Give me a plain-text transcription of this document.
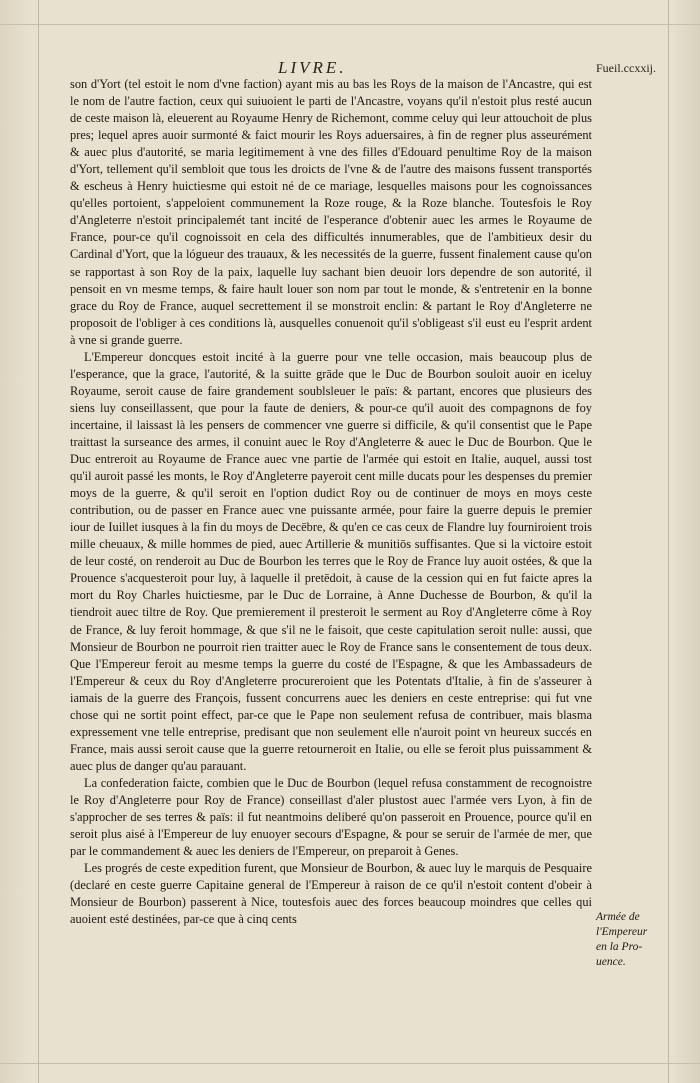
LIVRE.	Fueil.ccxxij.

son d'Yort (tel estoit le nom d'vne faction) ayant mis au bas les Roys de la maison de l'Ancastre, qui est le nom de l'autre faction, ceux qui suiuoient le parti de l'Ancastre, voyans qu'il n'estoit plus resté aucun de ceste maison là, eleuerent au Royaume Henry de Richemont, comme celuy qui leur attouchoit de plus pres; lequel apres auoir surmonté & faict mourir les Roys aduersaires, à fin de regner plus asseurément & auec plus d'autorité, se maria legitimement à vne des filles d'Edouard penultime Roy de la maison d'Yort, tellement qu'il sembloit que tous les droicts de l'vne & de l'autre des maisons fussent transportés & escheus à Henry huictiesme qui estoit né de ce mariage, lesquelles maisons pour les cognoissances qu'elles portoient, s'appeloient communement la Roze rouge, & la Roze blanche. Toutesfois le Roy d'Angleterre n'estoit principalemét tant incité de l'esperance d'obtenir auec les armes le Royaume de France, pour-ce qu'il cognoissoit en cela des difficultés innumerables, que de l'ambitieux desir du Cardinal d'Yort, que la lógueur des trauaux, & les necessités de la guerre, fussent finalement cause qu'on se rapportast à son Roy de la paix, laquelle luy sachant bien deuoir lors dependre de son autorité, il pensoit en vn mesme temps, & faire hault louer son nom par tout le monde, & s'entretenir en la bonne grace du Roy de France, auquel secrettement il se monstroit enclin: & partant le Roy d'Angleterre ne proposoit de l'obliger à ces conditions là, ausquelles conuenoit qu'il s'obligeast s'il eust eu l'esprit ardent à vne si grande guerre.

L'Empereur doncques estoit incité à la guerre pour vne telle occasion, mais beaucoup plus de l'esperance, que la grace, l'autorité, & la suitte grāde que le Duc de Bourbon souloit auoir en iceluy Royaume, seroit cause de faire grandement soublsleuer le païs: & partant, encores que plusieurs des siens luy conseillassent, que pour la faute de deniers, & pour-ce qu'il auoit des compagnons de foy incertaine, il laissast là les pensers de commencer vne guerre si difficile, & qu'il consentist que le Pape traittast la surseance des armes, il conuint auec le Roy d'Angleterre & auec le Duc de Bourbon. Que le Duc entreroit au Royaume de France auec vne partie de l'armée qui estoit en Italie, auquel, aussi tost qu'il auroit passé les monts, le Roy d'Angleterre payeroit cent mille ducats pour les despenses du premier moys de la guerre, & qu'il seroit en l'option dudict Roy ou de continuer de moys en moys ceste contribution, ou de passer en France auec vne puissante armée, pour faire la guerre depuis le premier iour de Iuillet iusques à la fin du moys de Decēbre, & qu'en ce cas ceux de Flandre luy fourniroient trois mille cheuaux, & mille hommes de pied, auec Artillerie & munitiōs suffisantes. Que si la victoire estoit de leur costé, on renderoit au Duc de Bourbon les terres que le Roy de France luy auoit ostées, & que la Prouence s'acquesteroit pour luy, à laquelle il pretēdoit, à cause de la cession qui en fut faicte apres la mort du Roy Charles huictiesme, par le Duc de Lorraine, à Anne Duchesse de Bourbon, & qu'il la tiendroit auec tiltre de Roy. Que premierement il presteroit le serment au Roy d'Angleterre cōme à Roy de France, & luy feroit hommage, & que s'il ne le faisoit, que ceste capitulation seroit nulle: aussi, que Monsieur de Bourbon ne pourroit rien traitter auec le Roy de France sans le consentement de tous deux. Que l'Empereur feroit au mesme temps la guerre du costé de l'Espagne, & que les Ambassadeurs de l'Empereur & ceux du Roy d'Angleterre procureroient que les Potentats d'Italie, à fin de s'asseurer à iamais de la guerre des François, fussent concurrens auec les deniers en ceste entreprise: qui fut vne chose qui ne sortit point effect, par-ce que le Pape non seulement refusa de contribuer, mais blasma expressement vne telle entreprise, predisant que non seulement elle n'auroit point vn heureux succés en France, mais aussi seroit cause que la guerre retourneroit en Italie, ou elle se feroit plus puissamment & auec plus de danger qu'au parauant.

La confederation faicte, combien que le Duc de Bourbon (lequel refusa constamment de recognoistre le Roy d'Angleterre pour Roy de France) conseillast d'aler plustost auec l'armée vers Lyon, à fin de s'approcher de ses terres & païs: il fut neantmoins deliberé qu'on passeroit en Prouence, pource qu'il en seroit plus aisé à l'Empereur de luy enuoyer secours d'Espagne, & pour se seruir de l'armée de mer, que par le commandement & auec les deniers de l'Empereur, on preparoit à Genes.

Les progrés de ceste expedition furent, que Monsieur de Bourbon, & auec luy le marquis de Pesquaire (declaré en ceste guerre Capitaine general de l'Empereur à raison de ce qu'il n'estoit content d'obeir à Monsieur de Bourbon) passerent à Nice, toutesfois auec des forces beaucoup moindres que celles qui auoient esté destinées, par-ce que à cinq cents	Armée de
l'Empereur
en la Pro-
uence.
